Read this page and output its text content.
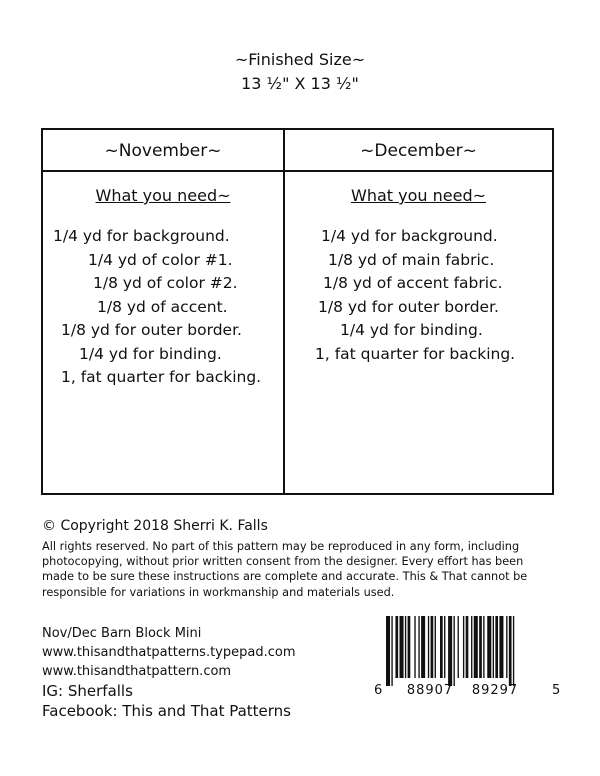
~Finished Size~
13 ½" X 13 ½"
~November~
What you need~
1/4 yd for background.
1/4 yd of color #1.
1/8 yd of color #2.
1/8 yd of accent.
1/8 yd for outer border.
1/4 yd for binding.
1, fat quarter for backing.
~December~
What you need~
1/4 yd for background.
1/8 yd of main fabric.
1/8 yd of accent fabric.
1/8 yd for outer border.
1/4 yd for binding.
1, fat quarter for backing.
© Copyright 2018 Sherri K. Falls
All rights reserved. No part of this pattern may be reproduced in any form, including
photocopying, without prior written consent from the designer. Every effort has been
made to be sure these instructions are complete and accurate. This & That cannot be
responsible for variations in workmanship and materials used.
Nov/Dec Barn Block Mini
www.thisandthatpatterns.typepad.com
www.thisandthatpattern.com
IG: Sherfalls
Facebook: This and That Patterns
6 88907 89297	5
